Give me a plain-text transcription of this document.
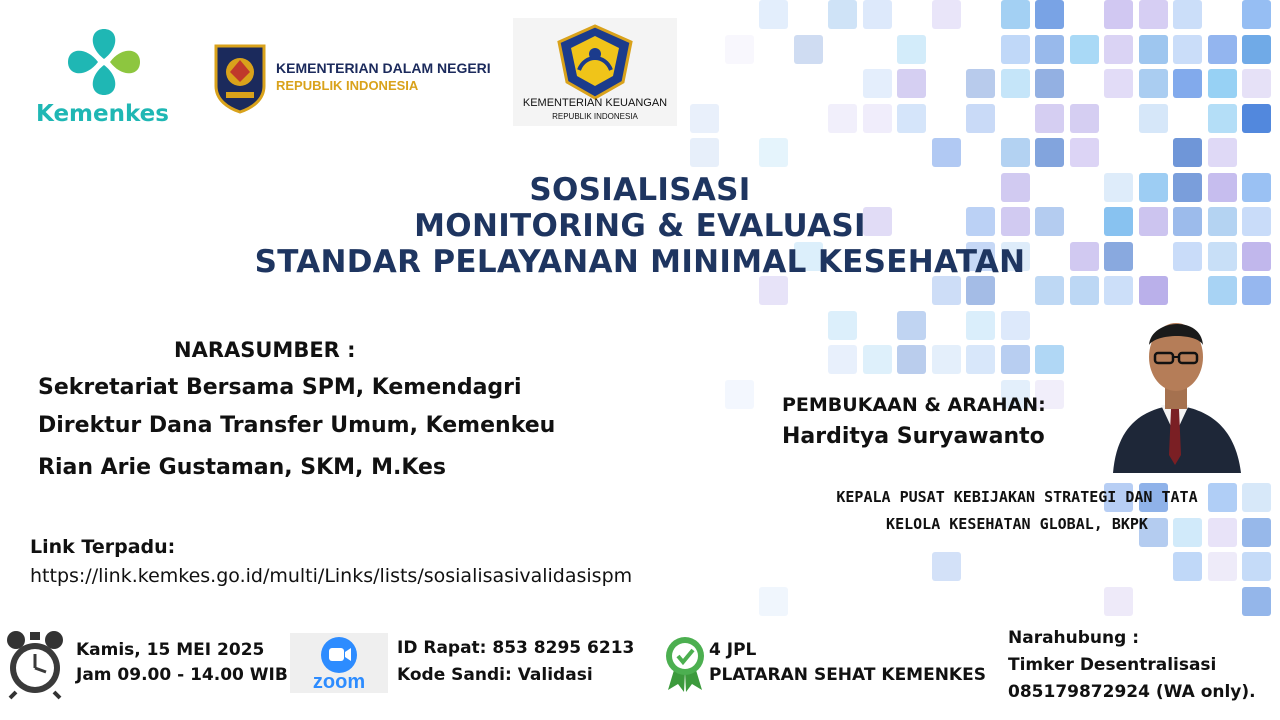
Kemenkes
KEMENTERIAN DALAM NEGERI
REPUBLIK INDONESIA
KEMENTERIAN KEUANGAN
REPUBLIK INDONESIA
SOSIALISASI
MONITORING & EVALUASI
STANDAR PELAYANAN MINIMAL KESEHATAN
NARASUMBER :
Sekretariat Bersama SPM, Kemendagri
Direktur Dana Transfer Umum, Kemenkeu
Rian Arie Gustaman, SKM, M.Kes
PEMBUKAAN & ARAHAN:
Harditya Suryawanto
KEPALA PUSAT KEBIJAKAN STRATEGI DAN TATA
KELOLA KESEHATAN GLOBAL, BKPK
Link Terpadu:
https://link.kemkes.go.id/multi/Links/lists/sosialisasivalidasispm
Kamis, 15 MEI 2025
Jam 09.00 - 14.00 WIB	zoom
ID Rapat: 853 8295 6213
Kode Sandi: Validasi
4 JPL
PLATARAN SEHAT KEMENKES
Narahubung :
Timker Desentralisasi
085179872924 (WA only).
